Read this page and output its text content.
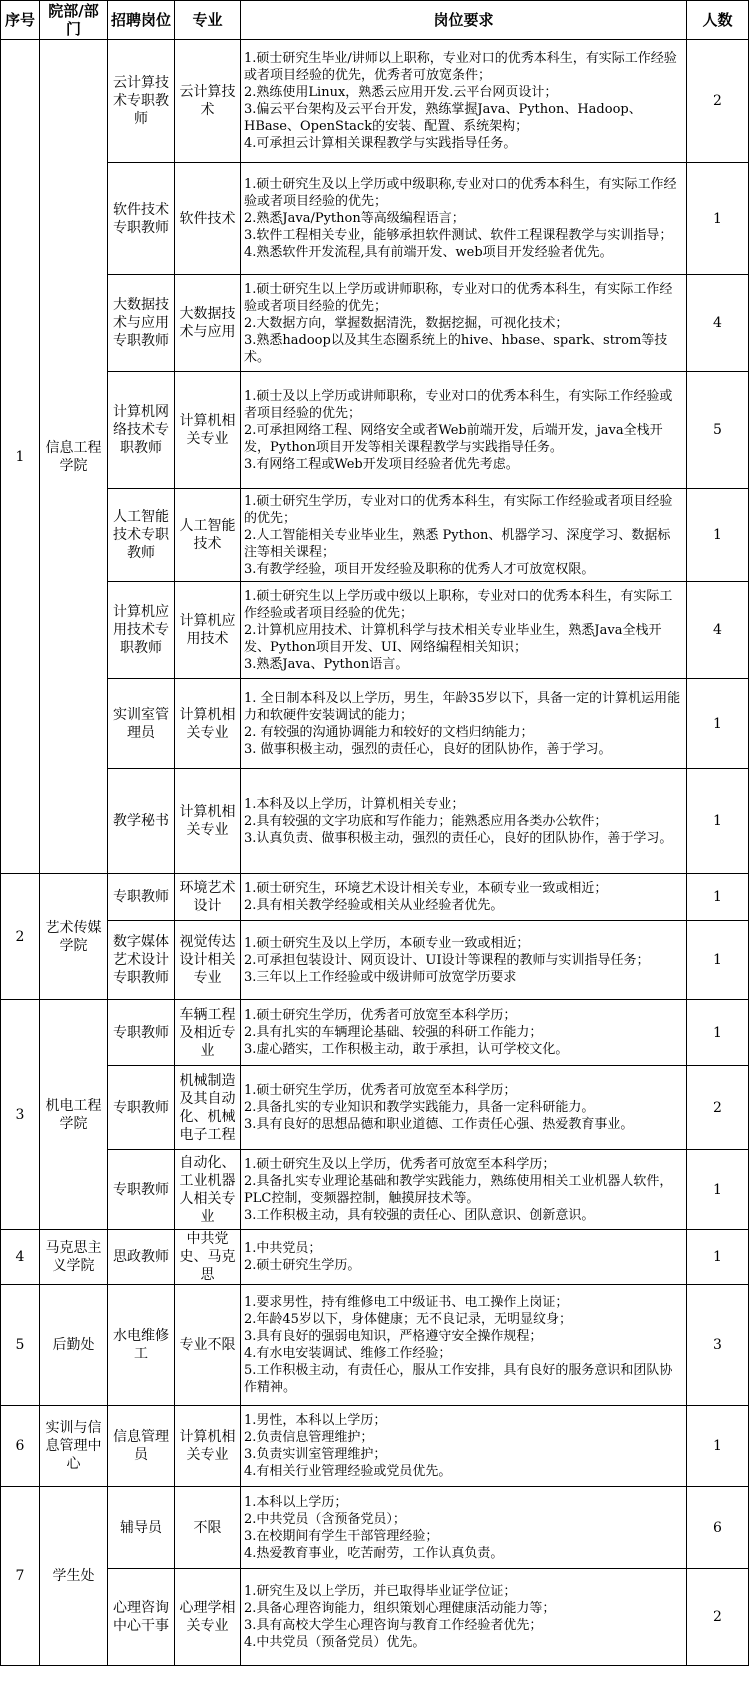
序号	院部/部门	招聘岗位	专业	岗位要求	人数
1	信息工程学院	云计算技术专职教师	云计算技术	1.硕士研究生毕业/讲师以上职称，专业对口的优秀本科生，有实际工作经验或者项目经验的优先，优秀者可放宽条件；
2.熟练使用Linux，熟悉云应用开发.云平台网页设计；
3.偏云平台架构及云平台开发，熟练掌握Java、Python、Hadoop、HBase、OpenStack的安装、配置、系统架构；
4.可承担云计算相关课程教学与实践指导任务。	2
		软件技术专职教师	软件技术	1.硕士研究生及以上学历或中级职称,专业对口的优秀本科生，有实际工作经验或者项目经验的优先；
2.熟悉Java/Python等高级编程语言；
3.软件工程相关专业，能够承担软件测试、软件工程课程教学与实训指导；
4.熟悉软件开发流程,具有前端开发、web项目开发经验者优先。	1
		大数据技术与应用专职教师	大数据技术与应用	1.硕士研究生以上学历或讲师职称，专业对口的优秀本科生，有实际工作经验或者项目经验的优先；
2.大数据方向，掌握数据清洗，数据挖掘，可视化技术；
3.熟悉hadoop以及其生态圈系统上的hive、hbase、spark、strom等技术。	4
		计算机网络技术专职教师	计算机相关专业	1.硕士及以上学历或讲师职称，专业对口的优秀本科生，有实际工作经验或者项目经验的优先；
2.可承担网络工程、网络安全或者Web前端开发，后端开发，java全栈开发，Python项目开发等相关课程教学与实践指导任务。
3.有网络工程或Web开发项目经验者优先考虑。	5
		人工智能技术专职教师	人工智能技术	1.硕士研究生学历，专业对口的优秀本科生，有实际工作经验或者项目经验的优先；
2.人工智能相关专业毕业生，熟悉 Python、机器学习、深度学习、数据标注等相关课程；
3.有教学经验，项目开发经验及职称的优秀人才可放宽权限。	1
		计算机应用技术专职教师	计算机应用技术	1.硕士研究生以上学历或中级以上职称，专业对口的优秀本科生，有实际工作经验或者项目经验的优先；
2.计算机应用技术、计算机科学与技术相关专业毕业生，熟悉Java全栈开发、Python项目开发、UI、网络编程相关知识；
3.熟悉Java、Python语言。	4
		实训室管理员	计算机相关专业	1. 全日制本科及以上学历，男生，年龄35岁以下，具备一定的计算机运用能力和软硬件安装调试的能力；
2. 有较强的沟通协调能力和较好的文档归纳能力；
3. 做事积极主动，强烈的责任心，良好的团队协作，善于学习。	1
		教学秘书	计算机相关专业	1.本科及以上学历，计算机相关专业；
2.具有较强的文字功底和写作能力；能熟悉应用各类办公软件；
3.认真负责、做事积极主动，强烈的责任心，良好的团队协作，善于学习。	1
2	艺术传媒学院	专职教师	环境艺术设计	1.硕士研究生，环境艺术设计相关专业，本硕专业一致或相近；
2.具有相关教学经验或相关从业经验者优先。	1
		数字媒体艺术设计专职教师	视觉传达设计相关专业	1.硕士研究生及以上学历，本硕专业一致或相近；
2.可承担包装设计、网页设计、UI设计等课程的教师与实训指导任务；
3.三年以上工作经验或中级讲师可放宽学历要求	1
3	机电工程学院	专职教师	车辆工程及相近专业	1.硕士研究生学历，优秀者可放宽至本科学历；
2.具有扎实的车辆理论基础、较强的科研工作能力；
3.虚心踏实，工作积极主动，敢于承担，认可学校文化。	1
		专职教师	机械制造及其自动化、机械电子工程	1.硕士研究生学历，优秀者可放宽至本科学历；
2.具备扎实的专业知识和教学实践能力，具备一定科研能力。
3.具有良好的思想品德和职业道德、工作责任心强、热爱教育事业。	2
		专职教师	自动化、工业机器人相关专业	1.硕士研究生及以上学历，优秀者可放宽至本科学历；
2.具备扎实专业理论基础和教学实践能力，熟练使用相关工业机器人软件，PLC控制，变频器控制，触摸屏技术等。
3.工作积极主动，具有较强的责任心、团队意识、创新意识。	1
4	马克思主义学院	思政教师	中共党史、马克思	1.中共党员；
2.硕士研究生学历。	1
5	后勤处	水电维修工	专业不限	1.要求男性，持有维修电工中级证书、电工操作上岗证；
2.年龄45岁以下，身体健康；无不良记录，无明显纹身；
3.具有良好的强弱电知识，严格遵守安全操作规程；
4.有水电安装调试、维修工作经验；
5.工作积极主动，有责任心，服从工作安排，具有良好的服务意识和团队协作精神。	3
6	实训与信息管理中心	信息管理员	计算机相关专业	1.男性，本科以上学历；
2.负责信息管理维护；
3.负责实训室管理维护；
4.有相关行业管理经验或党员优先。	1
7	学生处	辅导员	不限	1.本科以上学历；
2.中共党员（含预备党员）；
3.在校期间有学生干部管理经验；
4.热爱教育事业，吃苦耐劳，工作认真负责。	6
		心理咨询中心干事	心理学相关专业	1.研究生及以上学历，并已取得毕业证学位证；
2.具备心理咨询能力，组织策划心理健康活动能力等；
3.具有高校大学生心理咨询与教育工作经验者优先；
4.中共党员（预备党员）优先。	2
